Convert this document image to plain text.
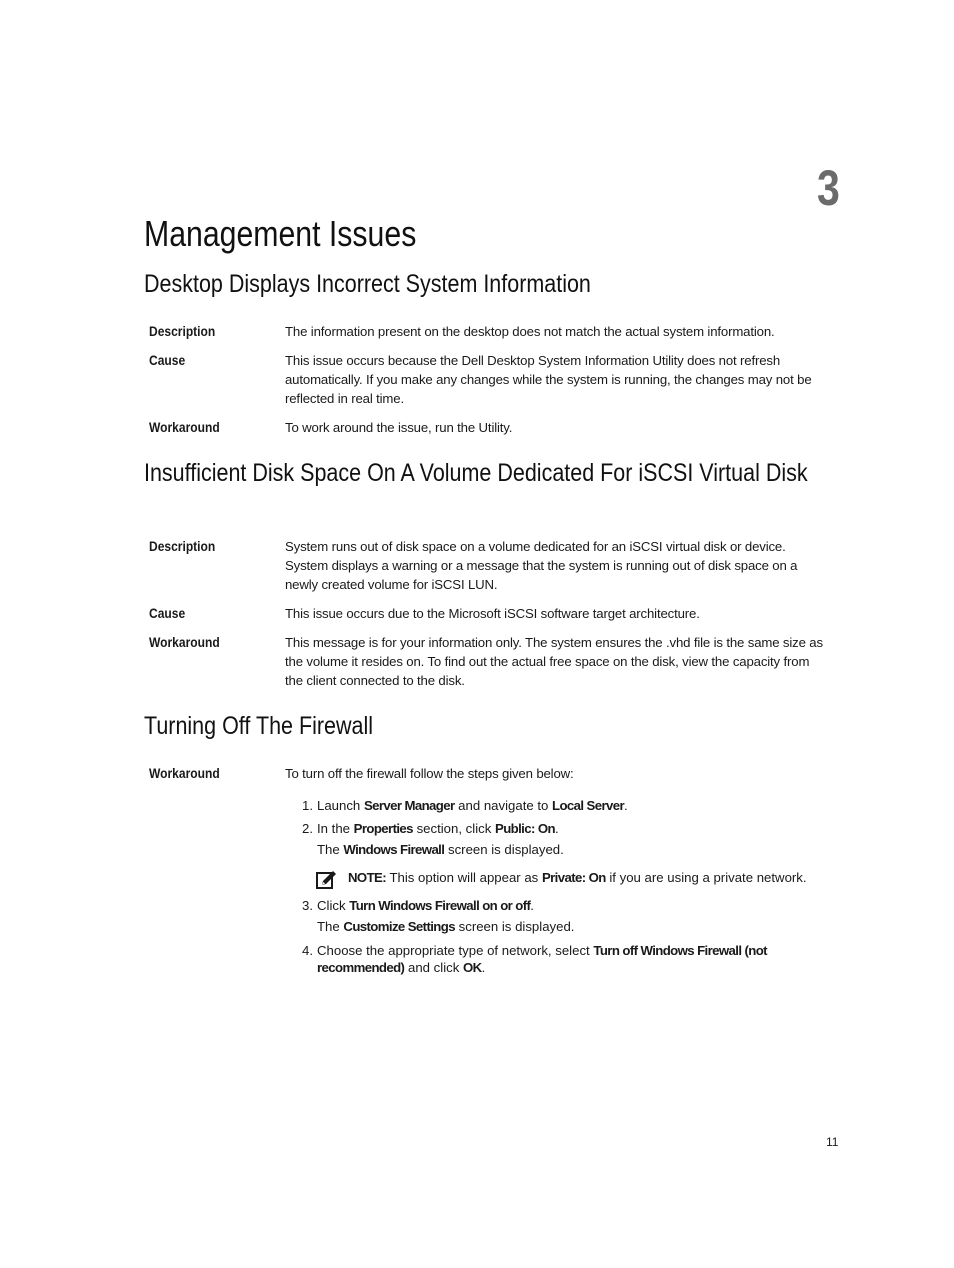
3
Management Issues
Desktop Displays Incorrect System Information
Description	The information present on the desktop does not match the actual system information.
Cause	This issue occurs because the Dell Desktop System Information Utility does not refresh automatically. If you make any changes while the system is running, the changes may not be reflected in real time.
Workaround	To work around the issue, run the Utility.
Insufficient Disk Space On A Volume Dedicated For iSCSI Virtual Disk
Description	System runs out of disk space on a volume dedicated for an iSCSI virtual disk or device. System displays a warning or a message that the system is running out of disk space on a newly created volume for iSCSI LUN.
Cause	This issue occurs due to the Microsoft iSCSI software target architecture.
Workaround	This message is for your information only. The system ensures the .vhd file is the same size as the volume it resides on. To find out the actual free space on the disk, view the capacity from the client connected to the disk.
Turning Off The Firewall
Workaround	To turn off the firewall follow the steps given below:
1. Launch Server Manager and navigate to Local Server.
2. In the Properties section, click Public: On.
The Windows Firewall screen is displayed.
NOTE: This option will appear as Private: On if you are using a private network.
3. Click Turn Windows Firewall on or off.
The Customize Settings screen is displayed.
4. Choose the appropriate type of network, select Turn off Windows Firewall (not recommended) and click OK.
11
